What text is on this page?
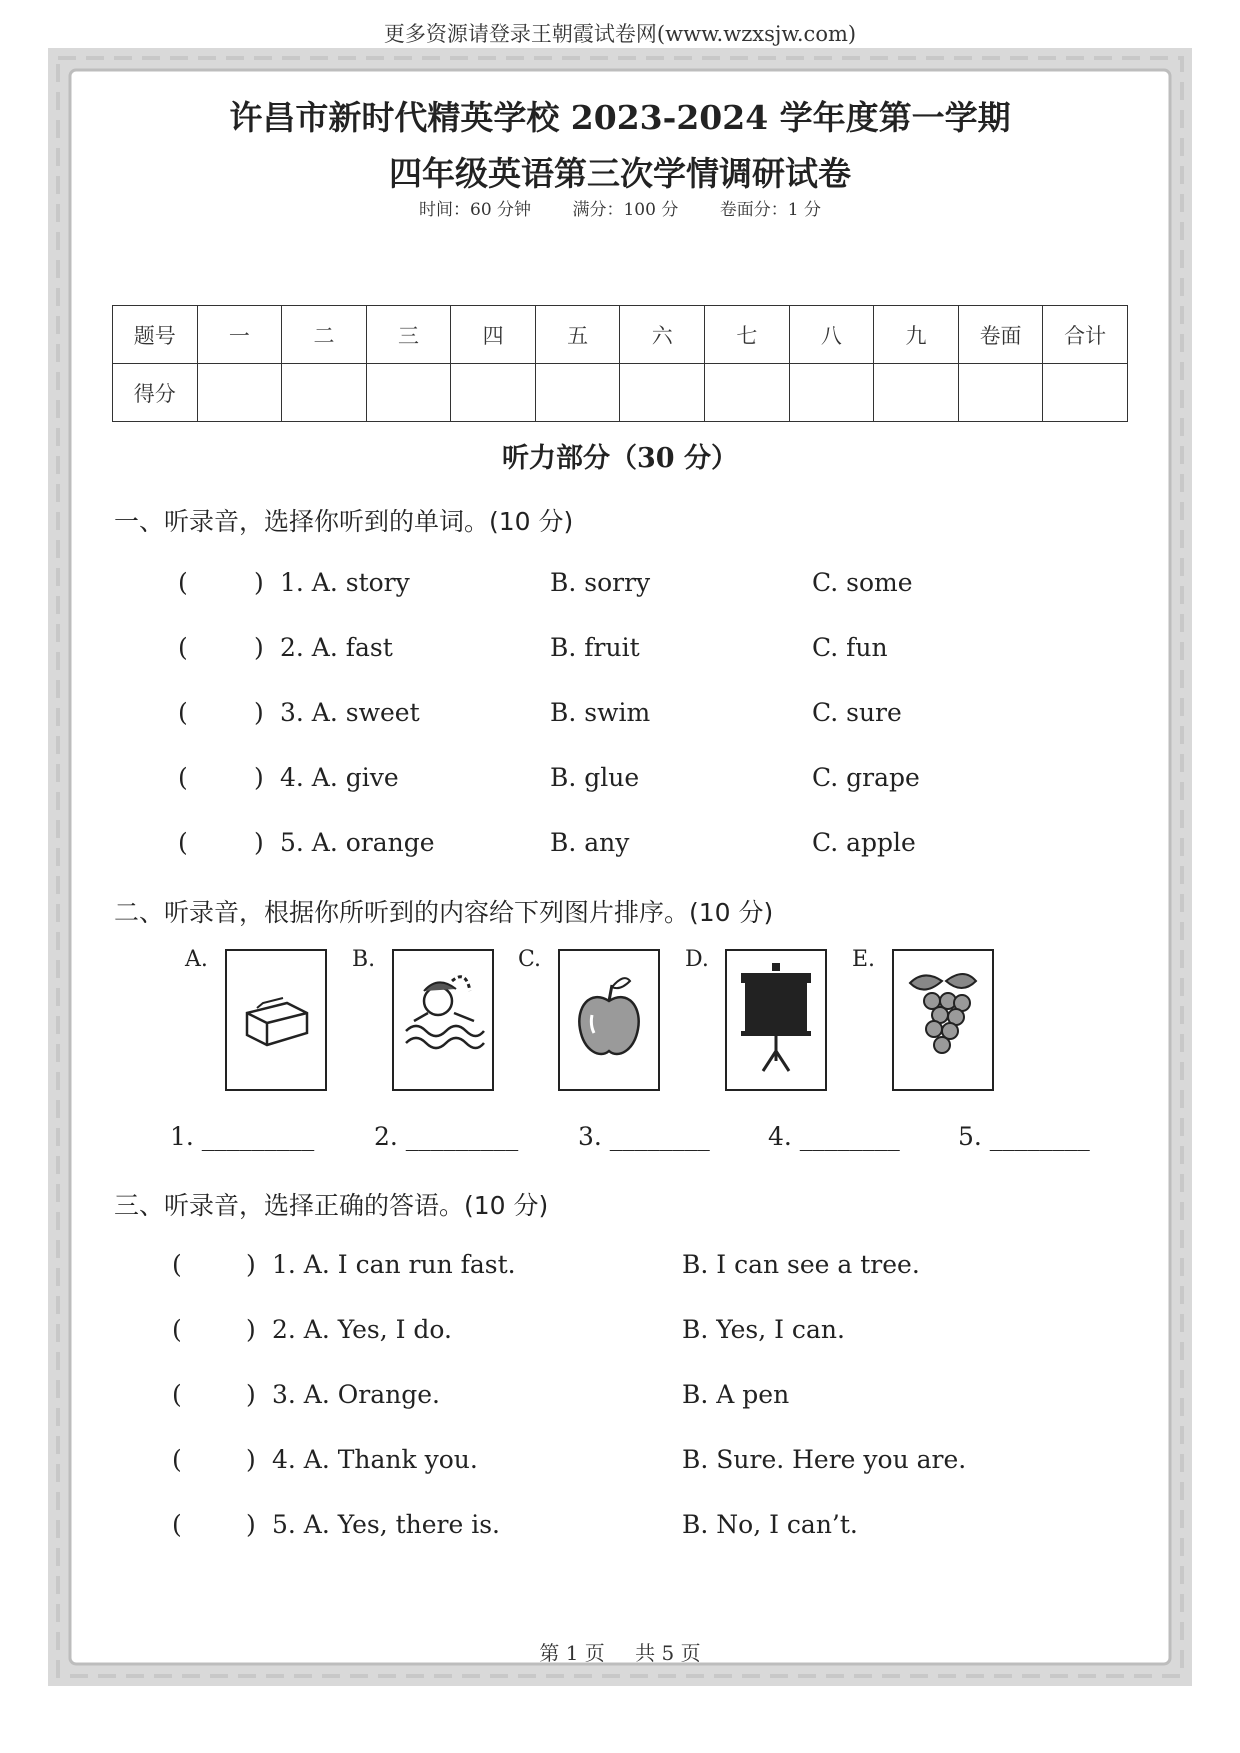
更多资源请登录王朝霞试卷网(www.wzxsjw.com)
许昌市新时代精英学校 2023-2024 学年度第一学期
四年级英语第三次学情调研试卷
时间：60 分钟 满分：100 分 卷面分：1 分
题号	一	二	三	四	五	六	七	八	九	卷面	合计
得分											
听力部分（30 分）
一、听录音，选择你听到的单词。(10 分)
(	) 1. A. story	B. sorry	C. some
(	) 2. A. fast	B. fruit	C. fun
(	) 3. A. sweet	B. swim	C. sure
(	) 4. A. give	B. glue	C. grape
(	) 5. A. orange	B. any	C. apple
二、听录音，根据你所听到的内容给下列图片排序。(10 分)
A.	B.	C.	D.	E.
1. _________ 2. _________ 3. ________ 4. ________ 5. ________
三、听录音，选择正确的答语。(10 分)
(	) 1. A. I can run fast.	B. I can see a tree.
(	) 2. A. Yes, I do.	B. Yes, I can.
(	) 3. A. Orange.	B. A pen
(	) 4. A. Thank you.	B. Sure. Here you are.
(	) 5. A. Yes, there is.	B. No, I can’t.
第 1 页 共 5 页
